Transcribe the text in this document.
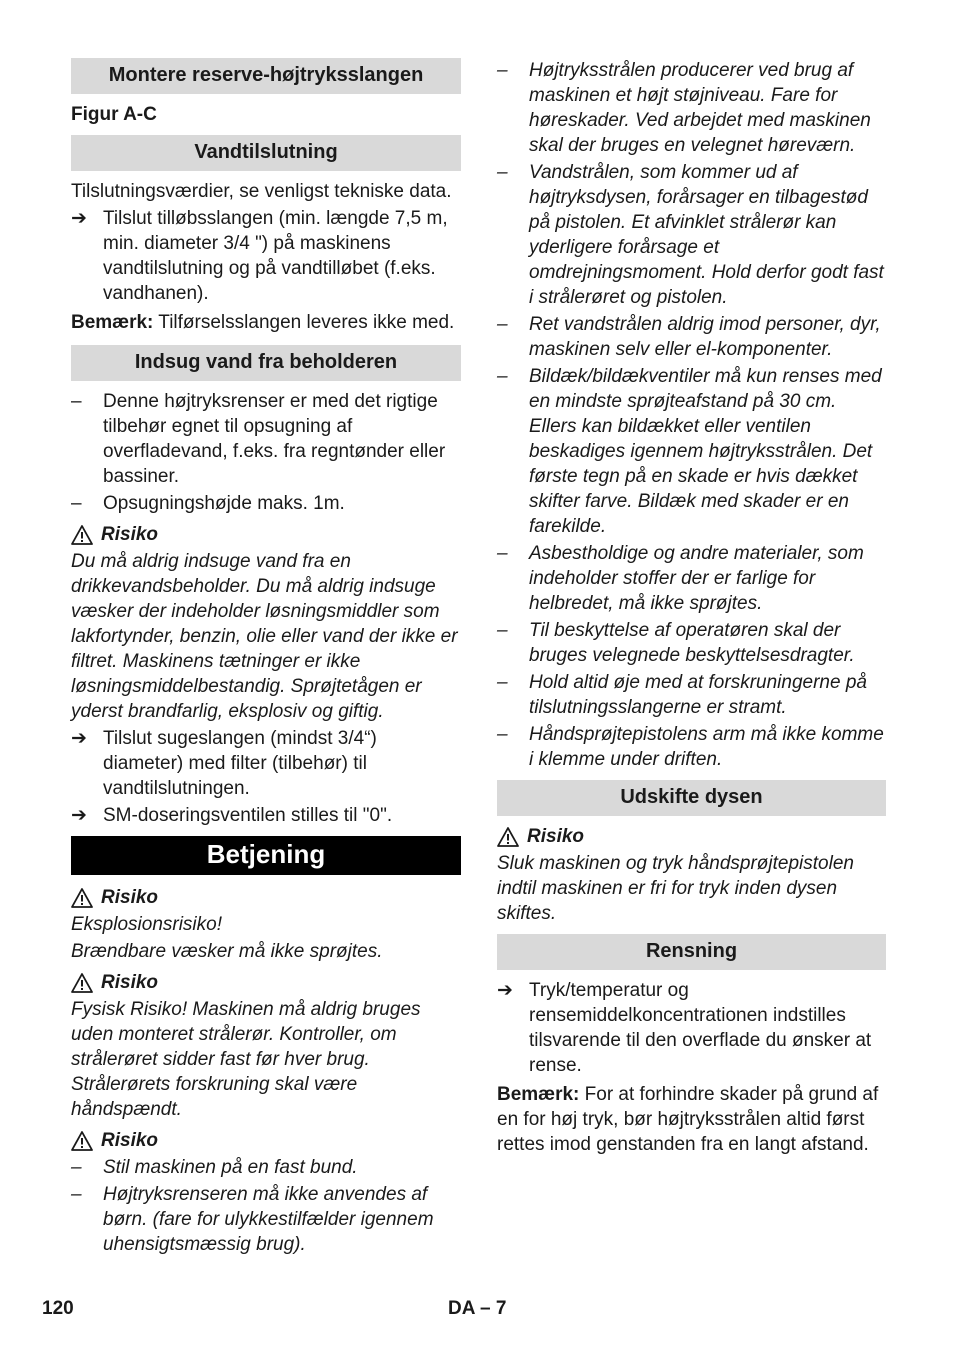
Montere reserve-højtryksslangen

Figur A-C

Vandtilslutning

Tilslutningsværdier, se venligst tekniske data.

➔ Tilslut tilløbsslangen (min. længde 7,5 m, min. diameter 3/4 ") på maskinens vandtilslutning og på vandtilløbet (f.eks. vandhanen).

Bemærk: Tilførselsslangen leveres ikke med.

Indsug vand fra beholderen
–	Denne højtryksrenser er med det rigtige tilbehør egnet til opsugning af overfladevand, f.eks. fra regntønder eller bassiner.
–	Opsugningshøjde maks. 1m.
Risiko

Du må aldrig indsuge vand fra en drikkevandsbeholder. Du må aldrig indsuge væsker der indeholder løsningsmiddler som lakfortynder, benzin, olie eller vand der ikke er filtret. Maskinens tætninger er ikke løsningsmiddelbestandig. Sprøjtetågen er yderst brandfarlig, eksplosiv og giftig.

➔ Tilslut sugeslangen (mindst 3/4“) diameter) med filter (tilbehør) til vandtilslutningen.
➔ SM-doseringsventilen stilles til "0".
Betjening
Risiko

Eksplosionsrisiko!

Brændbare væsker må ikke sprøjtes.

Risiko

Fysisk Risiko! Maskinen må aldrig bruges uden monteret strålerør. Kontroller, om strålerøret sidder fast før hver brug. Strålerørets forskruning skal være håndspændt.

Risiko
–	Stil maskinen på en fast bund.
–	Højtryksrenseren må ikke anvendes af børn. (fare for ulykkestilfælder igennem uhensigtsmæssig brug).
–	Højtryksstrålen producerer ved brug af maskinen et højt støjniveau. Fare for høreskader. Ved arbejdet med maskinen skal der bruges en velegnet høreværn.
–	Vandstrålen, som kommer ud af højtryksdysen, forårsager en tilbagestød på pistolen. Et afvinklet strålerør kan yderligere forårsage et omdrejningsmoment. Hold derfor godt fast i strålerøret og pistolen.
–	Ret vandstrålen aldrig imod personer, dyr, maskinen selv eller el-komponenter.
–	Bildæk/bildækventiler må kun renses med en mindste sprøjteafstand på 30 cm. Ellers kan bildækket eller ventilen beskadiges igennem højtryksstrålen. Det første tegn på en skade er hvis dækket skifter farve. Bildæk med skader er en farekilde.
–	Asbestholdige og andre materialer, som indeholder stoffer der er farlige for helbredet, må ikke sprøjtes.
–	Til beskyttelse af operatøren skal der bruges velegnede beskyttelsesdragter.
–	Hold altid øje med at forskruningerne på tilslutningsslangerne er stramt.
–	Håndsprøjtepistolens arm må ikke komme i klemme under driften.
Udskifte dysen
Risiko

Sluk maskinen og tryk håndsprøjtepistolen indtil maskinen er fri for tryk inden dysen skiftes.

Rensning
➔ Tryk/temperatur og rensemiddelkoncentrationen indstilles tilsvarende til den overflade du ønsker at rense.

Bemærk: For at forhindre skader på grund af en for høj tryk, bør højtryksstrålen altid først rettes imod genstanden fra en langt afstand.

120	DA – 7
